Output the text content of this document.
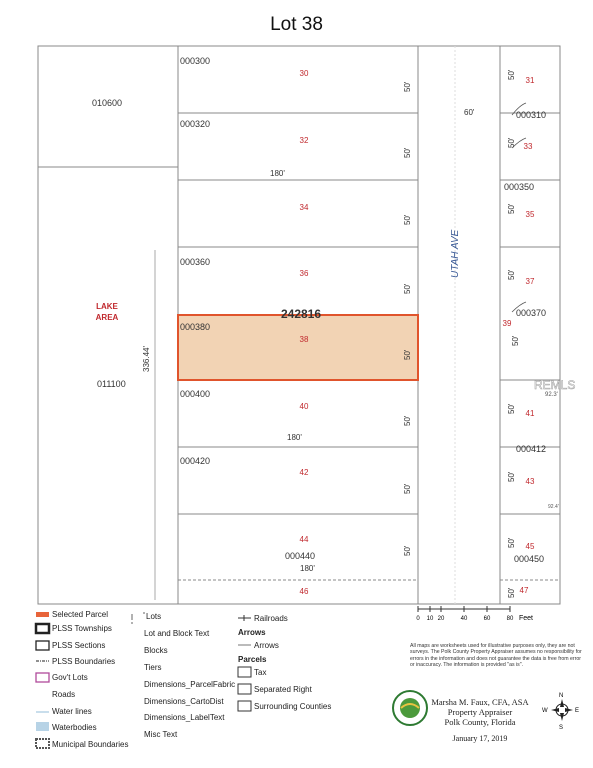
Lot 38
010600
011100
LAKE
AREA
336.44'
242816
UTAH AVE
60'
000300
30
50'
000320
32
50'
180'
34
50'
000360
36
50'
000380
38
50'
000400
40
50'
180'
000420
42
50'
44
000440
180'
50'
46
50'
31
000310
50' 33
000350
50'
35
50'
37
000370
39
50'
50' 41
000412
50' 43
50' 45
000450
50' 47
92.3'
92.4'
REMLS
0 10 20	40	60	80 Feet
N
S
E
W
Selected Parcel
PLSS Townships
PLSS Sections
PLSS Boundaries
Gov't Lots
Roads
Water lines
Waterbodies
Municipal Boundaries
Lots
Lot and Block Text
Blocks
Tiers
Dimensions_ParcelFabric
Dimensions_CartoDist
Dimensions_LabelText
Misc Text
Railroads
Arrows
Arrows
Parcels
Tax
Separated Right
Surrounding Counties
All maps are worksheets used for illustrative purposes only, they are not surveys. The Polk County Property Appraiser assumes no responsibility for errors in the information and does not guarantee the data is free from error or inaccuracy. The information is provided "as is".
Marsha M. Faux, CFA, ASA
Property Appraiser
Polk County, Florida
January 17, 2019
